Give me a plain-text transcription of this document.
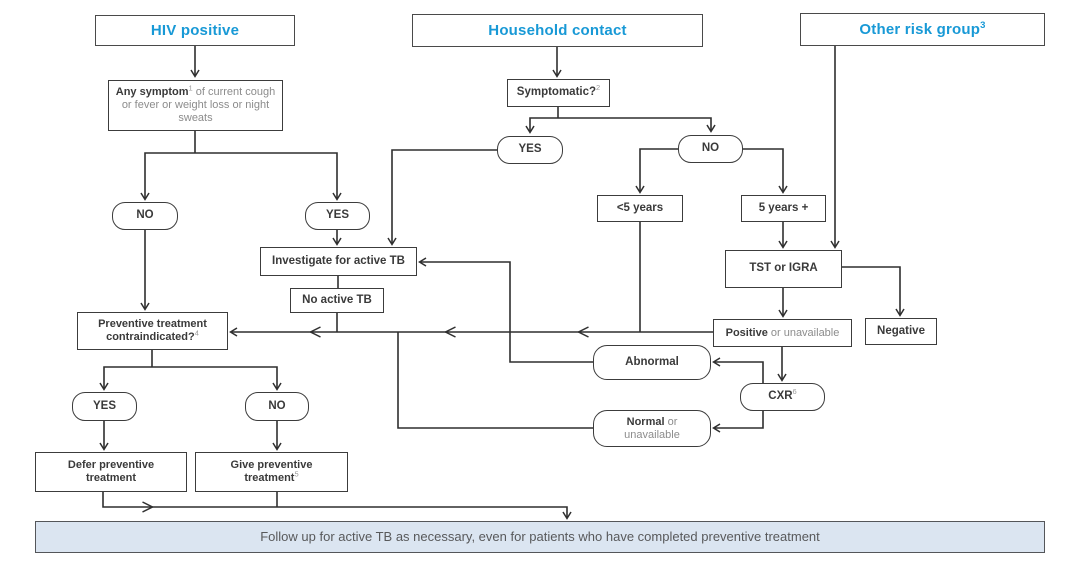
HIV positive	Household contact	Other risk group$^3$
Any symptom$^1$ of current cough or fever or weight loss or night sweats
NO	YES
Investigate for active TB
No active TB
Preventive treatment contraindicated?$^4$
YES	NO
Defer preventive treatment
Give preventive treatment$^5$
Symptomatic?$^2$
YES	NO
<5 years	5 years +
TST or IGRA
Positive or unavailable	Negative
CXR$^6$
Abnormal
Normal or unavailable
Follow up for active TB as necessary, even for patients who have completed preventive treatment
